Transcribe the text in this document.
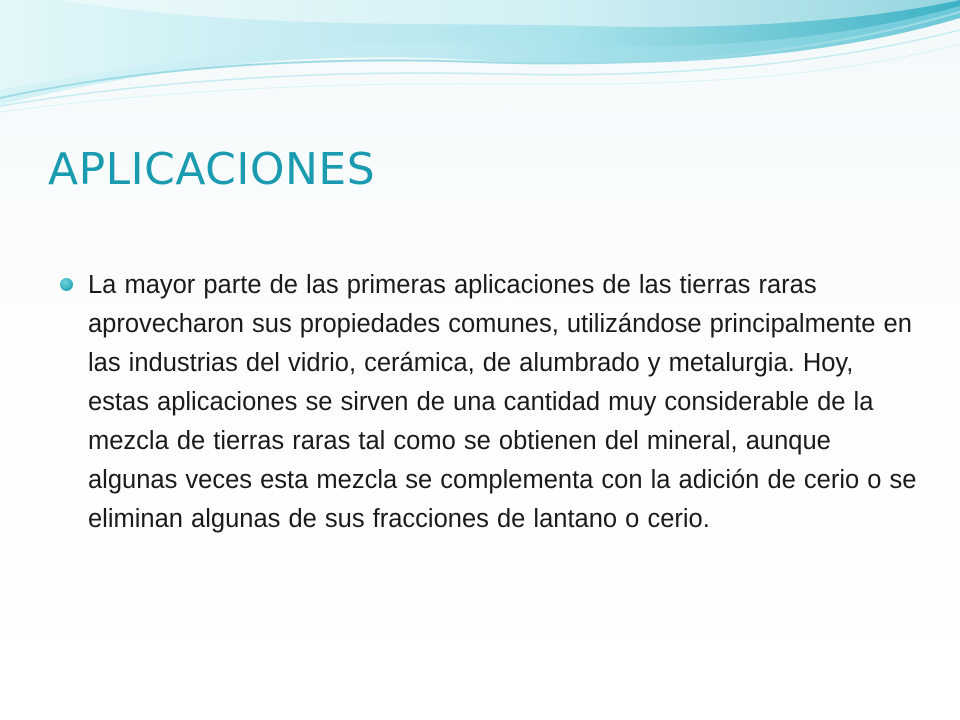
APLICACIONES

La mayor parte de las primeras aplicaciones de las tierras raras aprovecharon sus propiedades comunes, utilizándose principalmente en las industrias del vidrio, cerámica, de alumbrado y metalurgia. Hoy, estas aplicaciones se sirven de una cantidad muy considerable de la mezcla de tierras raras tal como se obtienen del mineral, aunque algunas veces esta mezcla se complementa con la adición de cerio o se eliminan algunas de sus fracciones de lantano o cerio.
